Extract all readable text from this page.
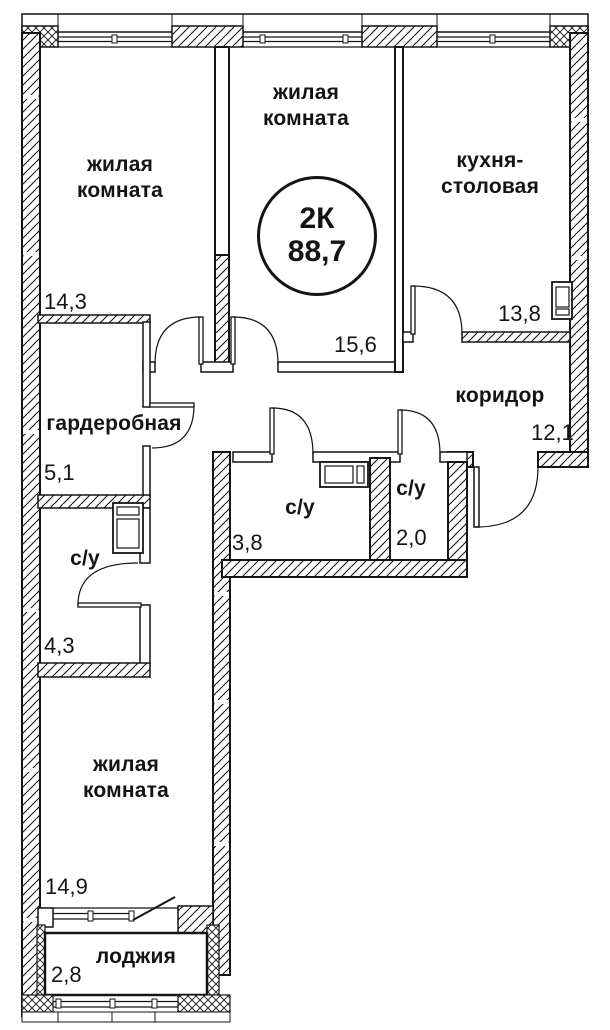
жилая комната
14,3
жилая комната
15,6
кухня-столовая
13,8
коридор
12,1
гардеробная
5,1
с/у
4,3
с/у
3,8
с/у
2,0
жилая комната
14,9
лоджия
2,8
2К
88,7
